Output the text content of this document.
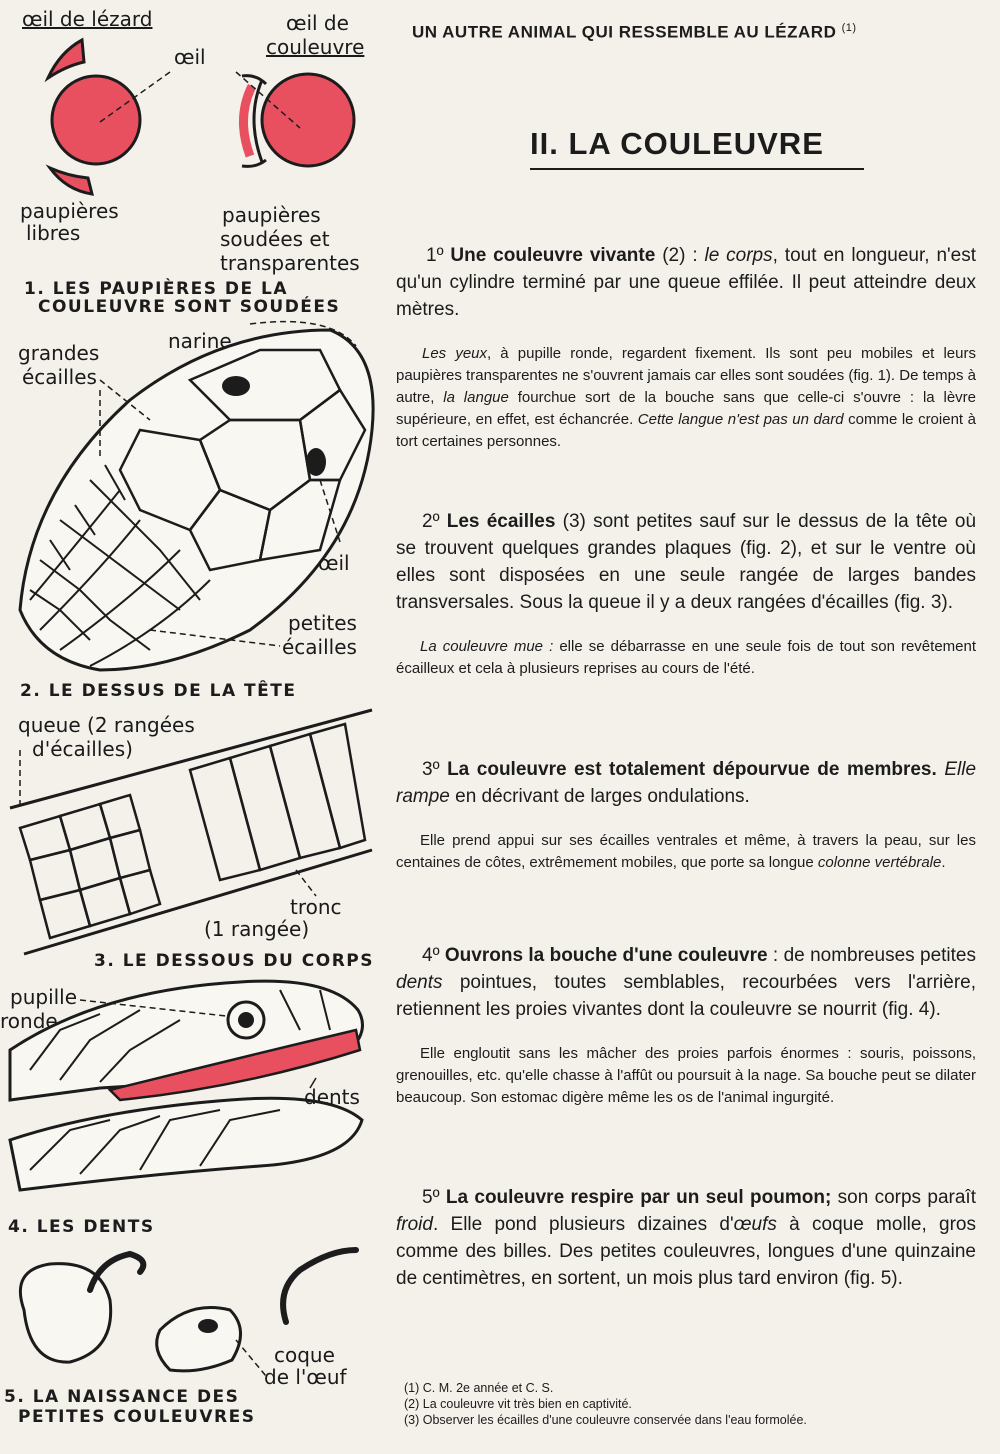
œil de lézard	œil de
couleuvre
œil
paupières
libres
paupières
soudées et
transparentes
1. LES PAUPIÈRES DE LA
COULEUVRE SONT SOUDÉES
grandes
écailles
narine
œil
petites
écailles
2. LE DESSUS DE LA TÊTE
queue (2 rangées
d'écailles)
tronc
(1 rangée)
3. LE DESSOUS DU CORPS
pupille
ronde
dents
4. LES DENTS
coque
de l'œuf
5. LA NAISSANCE DES
PETITES COULEUVRES
UN AUTRE ANIMAL QUI RESSEMBLE AU LÉZARD $^{(1)}$
II. LA COULEUVRE

1º Une couleuvre vivante (2) : le corps, tout en longueur, n'est qu'un cylindre terminé par une queue effilée. Il peut atteindre deux mètres.

Les yeux, à pupille ronde, regardent fixement. Ils sont peu mobiles et leurs paupières transparentes ne s'ouvrent jamais car elles sont soudées (fig. 1). De temps à autre, la langue fourchue sort de la bouche sans que celle-ci s'ouvre : la lèvre supérieure, en effet, est échancrée. Cette langue n'est pas un dard comme le croient à tort certaines personnes.

2º Les écailles (3) sont petites sauf sur le dessus de la tête où se trouvent quelques grandes plaques (fig. 2), et sur le ventre où elles sont disposées en une seule rangée de larges bandes transversales. Sous la queue il y a deux rangées d'écailles (fig. 3).

La couleuvre mue : elle se débarrasse en une seule fois de tout son revêtement écailleux et cela à plusieurs reprises au cours de l'été.

3º La couleuvre est totalement dépourvue de membres. Elle rampe en décrivant de larges ondulations.

Elle prend appui sur ses écailles ventrales et même, à travers la peau, sur les centaines de côtes, extrêmement mobiles, que porte sa longue colonne vertébrale.

4º Ouvrons la bouche d'une couleuvre : de nombreuses petites dents pointues, toutes semblables, recourbées vers l'arrière, retiennent les proies vivantes dont la couleuvre se nourrit (fig. 4).

Elle engloutit sans les mâcher des proies parfois énormes : souris, poissons, grenouilles, etc. qu'elle chasse à l'affût ou poursuit à la nage. Sa bouche peut se dilater beaucoup. Son estomac digère même les os de l'animal ingurgité.

5º La couleuvre respire par un seul poumon; son corps paraît froid. Elle pond plusieurs dizaines d'œufs à coque molle, gros comme des billes. Des petites couleuvres, longues d'une quinzaine de centimètres, en sortent, un mois plus tard environ (fig. 5).

(1) C. M. 2e année et C. S.
(2) La couleuvre vit très bien en captivité.
(3) Observer les écailles d'une couleuvre conservée dans l'eau formolée.
